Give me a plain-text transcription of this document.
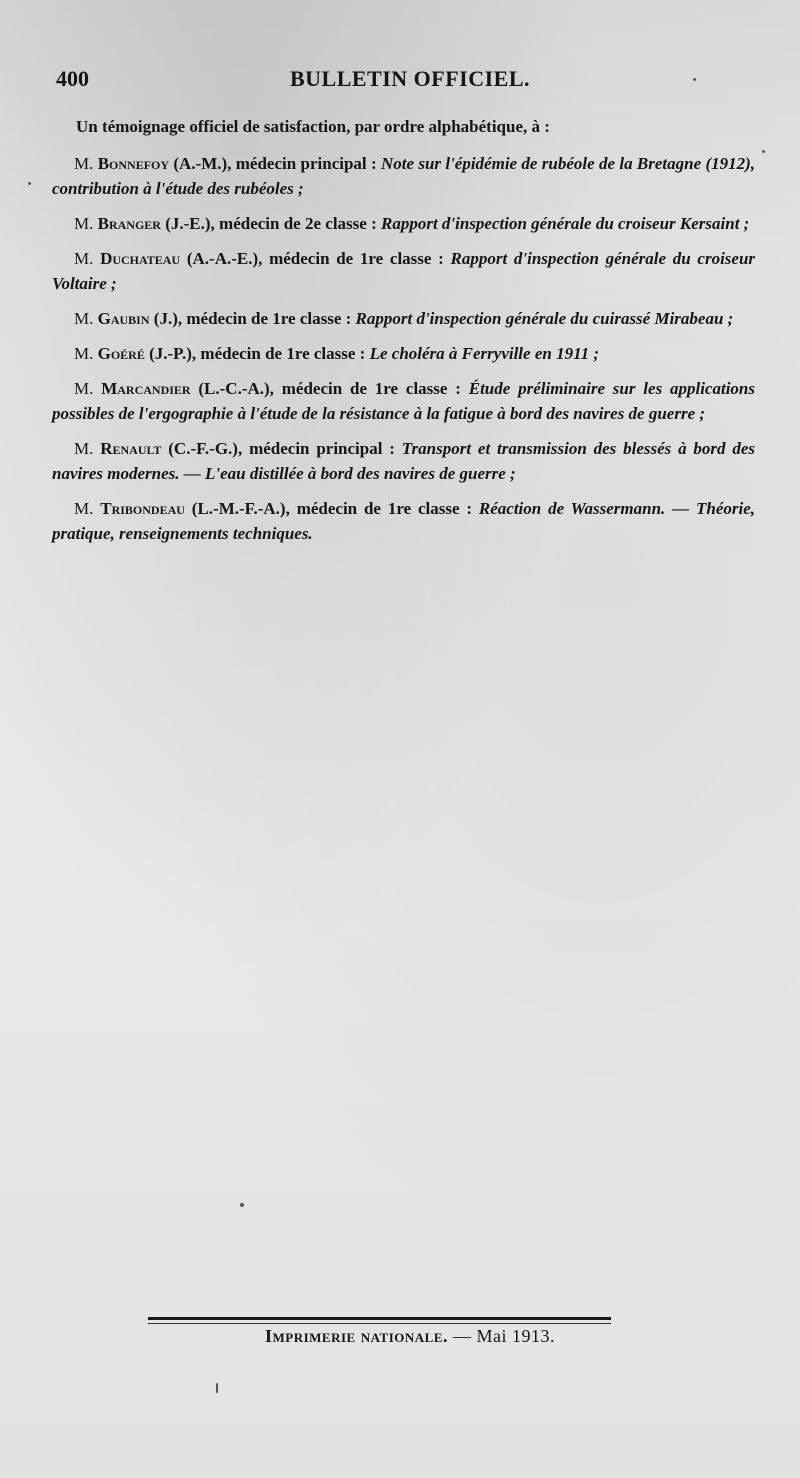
400	BULLETIN OFFICIEL.

Un témoignage officiel de satisfaction, par ordre alphabétique, à :

M. Bonnefoy (A.-M.), médecin principal : Note sur l'épidémie de rubéole de la Bretagne (1912), contribution à l'étude des rubéoles ;

M. Branger (J.-E.), médecin de 2e classe : Rapport d'inspection générale du croiseur Kersaint ;

M. Duchateau (A.-A.-E.), médecin de 1re classe : Rapport d'inspection générale du croiseur Voltaire ;

M. Gaubin (J.), médecin de 1re classe : Rapport d'inspection générale du cuirassé Mirabeau ;

M. Goéré (J.-P.), médecin de 1re classe : Le choléra à Ferryville en 1911 ;

M. Marcandier (L.-C.-A.), médecin de 1re classe : Étude préliminaire sur les applications possibles de l'ergographie à l'étude de la résistance à la fatigue à bord des navires de guerre ;

M. Renault (C.-F.-G.), médecin principal : Transport et transmission des blessés à bord des navires modernes. — L'eau distillée à bord des navires de guerre ;

M. Tribondeau (L.-M.-F.-A.), médecin de 1re classe : Réaction de Wassermann. — Théorie, pratique, renseignements techniques.

Imprimerie nationale. — Mai 1913.
